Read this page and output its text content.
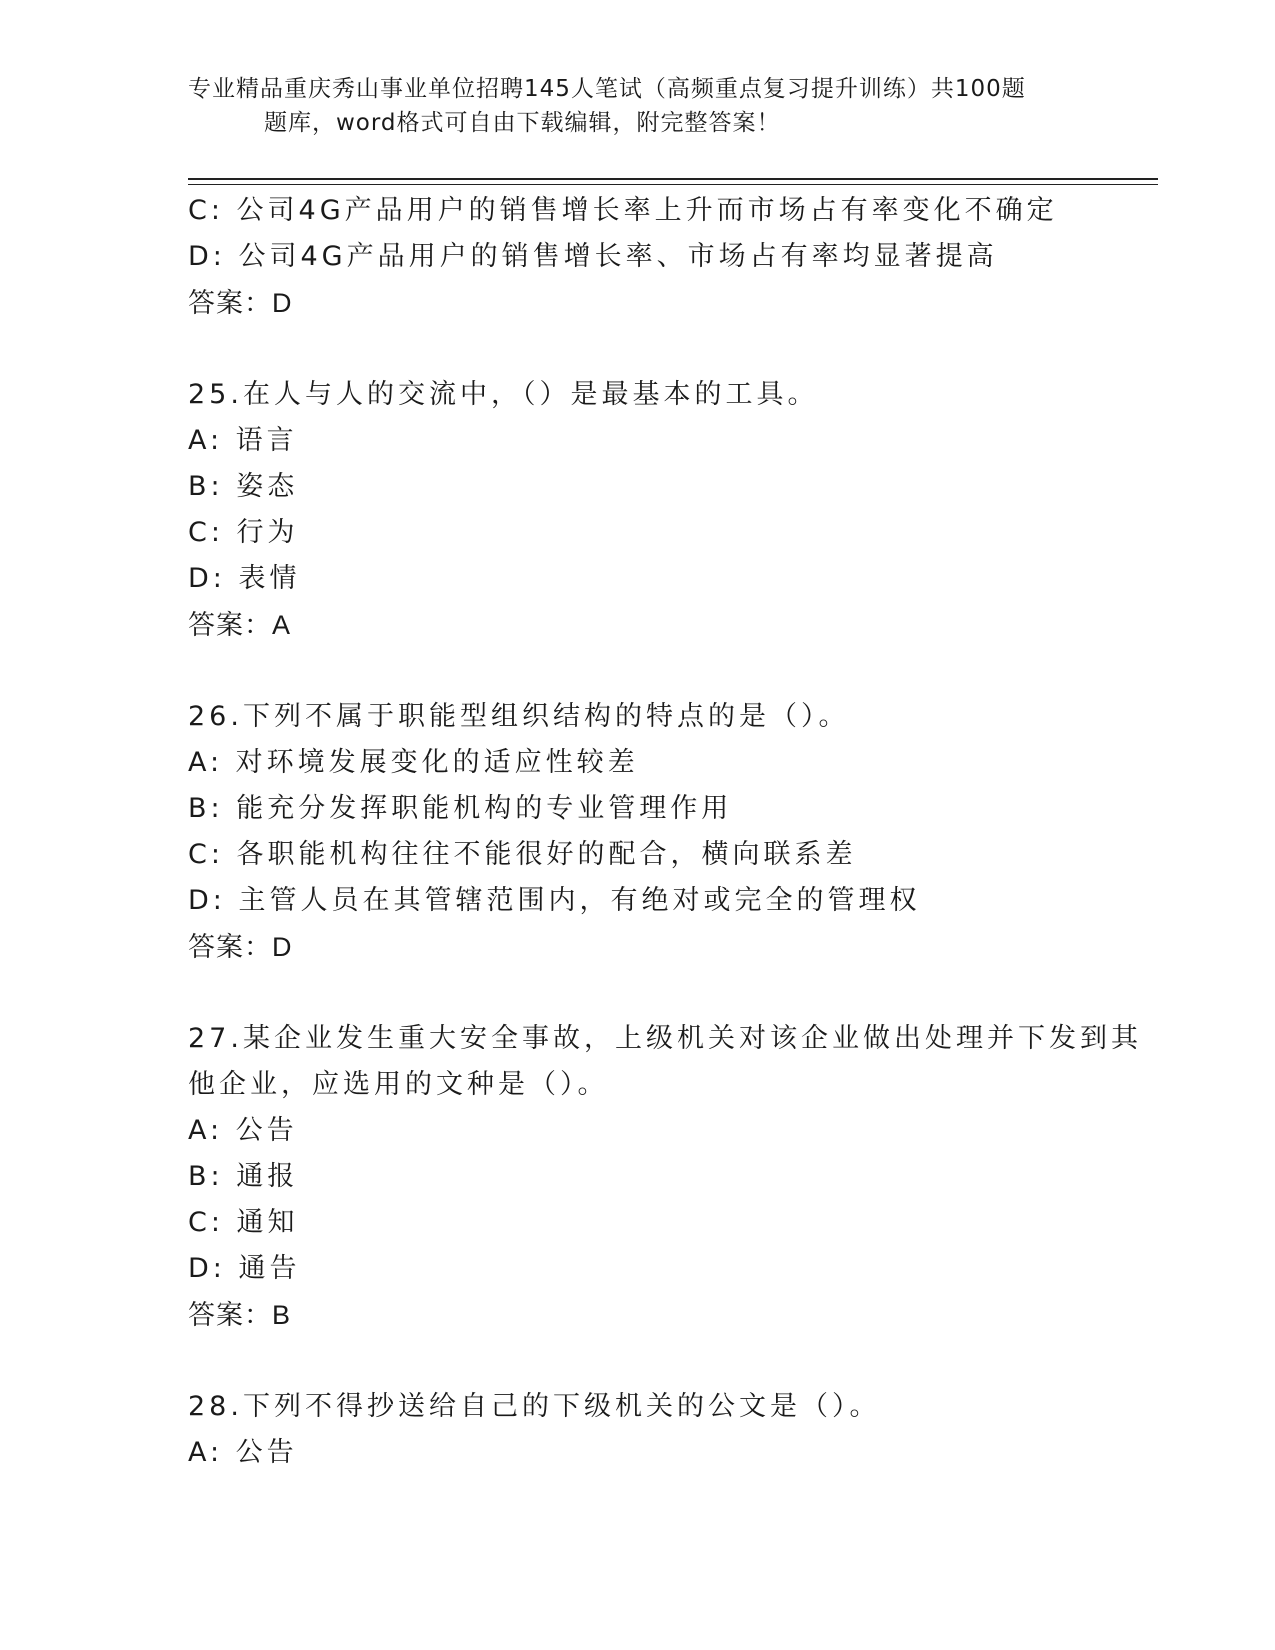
专业精品重庆秀山事业单位招聘145人笔试（高频重点复习提升训练）共100题
题库，word格式可自由下载编辑，附完整答案！
C: 公司4G产品用户的销售增长率上升而市场占有率变化不确定
D: 公司4G产品用户的销售增长率、市场占有率均显著提高
答案：D
25.在人与人的交流中，（）是最基本的工具。
A: 语言
B: 姿态
C: 行为
D: 表情
答案：A
26.下列不属于职能型组织结构的特点的是（）。
A: 对环境发展变化的适应性较差
B: 能充分发挥职能机构的专业管理作用
C: 各职能机构往往不能很好的配合，横向联系差
D: 主管人员在其管辖范围内，有绝对或完全的管理权
答案：D
27.某企业发生重大安全事故，上级机关对该企业做出处理并下发到其
他企业，应选用的文种是（）。
A: 公告
B: 通报
C: 通知
D: 通告
答案：B
28.下列不得抄送给自己的下级机关的公文是（）。
A: 公告
